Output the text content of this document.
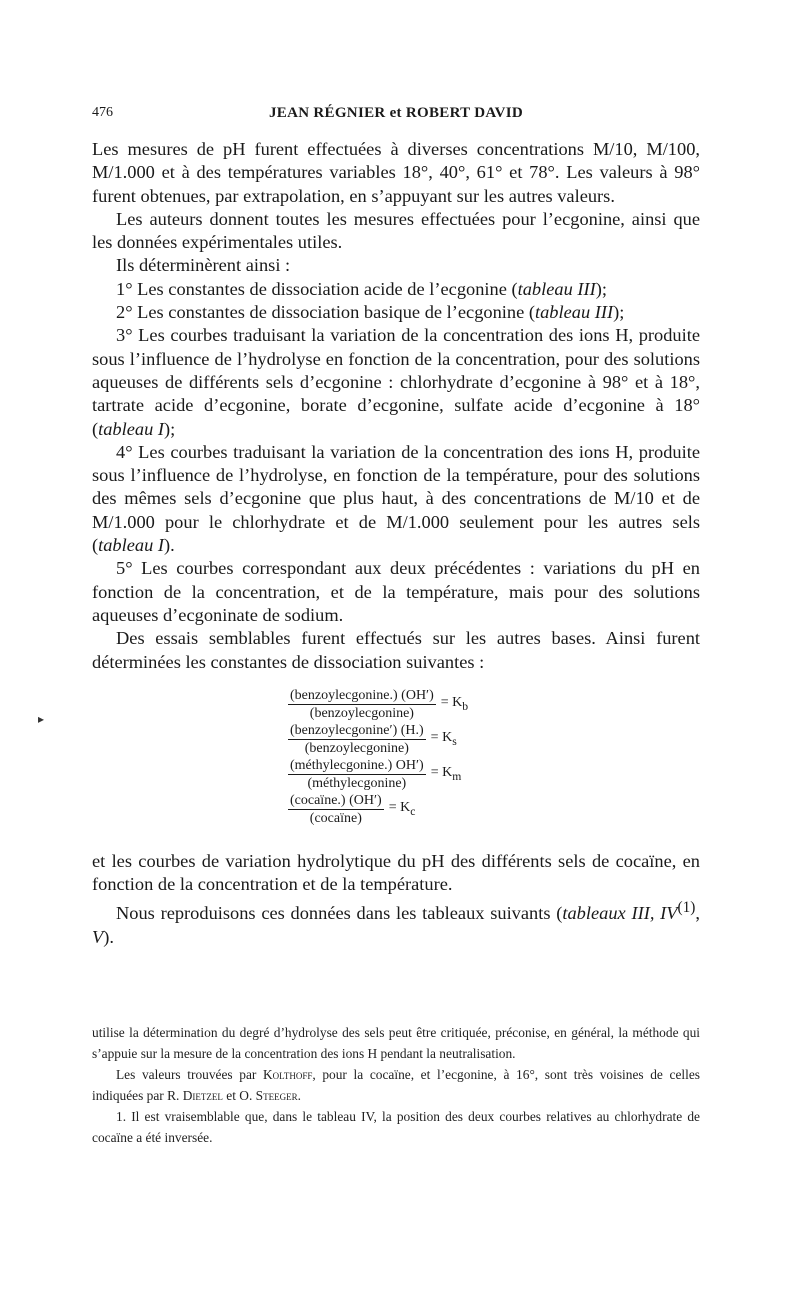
476	JEAN RÉGNIER et ROBERT DAVID
▸

Les mesures de pH furent effectuées à diverses concentrations M/10, M/100, M/1.000 et à des températures variables 18°, 40°, 61° et 78°. Les valeurs à 98° furent obtenues, par extrapolation, en s’appuyant sur les autres valeurs.

Les auteurs donnent toutes les mesures effectuées pour l’ecgonine, ainsi que les données expérimentales utiles.

Ils déterminèrent ainsi :

1° Les constantes de dissociation acide de l’ecgonine (tableau III);

2° Les constantes de dissociation basique de l’ecgonine (tableau III);

3° Les courbes traduisant la variation de la concentration des ions H, produite sous l’influence de l’hydrolyse en fonction de la concentration, pour des solutions aqueuses de différents sels d’ecgonine : chlorhydrate d’ecgonine à 98° et à 18°, tartrate acide d’ecgonine, borate d’ecgonine, sulfate acide d’ecgonine à 18° (tableau I);

4° Les courbes traduisant la variation de la concentration des ions H, produite sous l’influence de l’hydrolyse, en fonction de la température, pour des solutions des mêmes sels d’ecgonine que plus haut, à des concentrations de M/10 et de M/1.000 pour le chlorhydrate et de M/1.000 seulement pour les autres sels (tableau I).

5° Les courbes correspondant aux deux précédentes : variations du pH en fonction de la concentration, et de la température, mais pour des solutions aqueuses d’ecgoninate de sodium.

Des essais semblables furent effectués sur les autres bases. Ainsi furent déterminées les constantes de dissociation suivantes :

$\frac{\text{(benzoylecgonine.) (OH′)}}{\text{(benzoylecgonine)}} = K_b$
$\frac{\text{(benzoylecgonine′) (H.)}}{\text{(benzoylecgonine)}} = K_s$
$\frac{\text{(méthylecgonine.) OH′)}}{\text{(méthylecgonine)}} = K_m$
$\frac{\text{(cocaïne.) (OH′)}}{\text{(cocaïne)}} = K_c$

et les courbes de variation hydrolytique du pH des différents sels de cocaïne, en fonction de la concentration et de la température.

Nous reproduisons ces données dans les tableaux suivants (tableaux III, IV$^{(1)}$, V).

utilise la détermination du degré d’hydrolyse des sels peut être critiquée, préconise, en général, la méthode qui s’appuie sur la mesure de la concentration des ions H pendant la neutralisation.

Les valeurs trouvées par Kolthoff, pour la cocaïne, et l’ecgonine, à 16°, sont très voisines de celles indiquées par R. Dietzel et O. Steeger.

1. Il est vraisemblable que, dans le tableau IV, la position des deux courbes relatives au chlorhydrate de cocaïne a été inversée.
